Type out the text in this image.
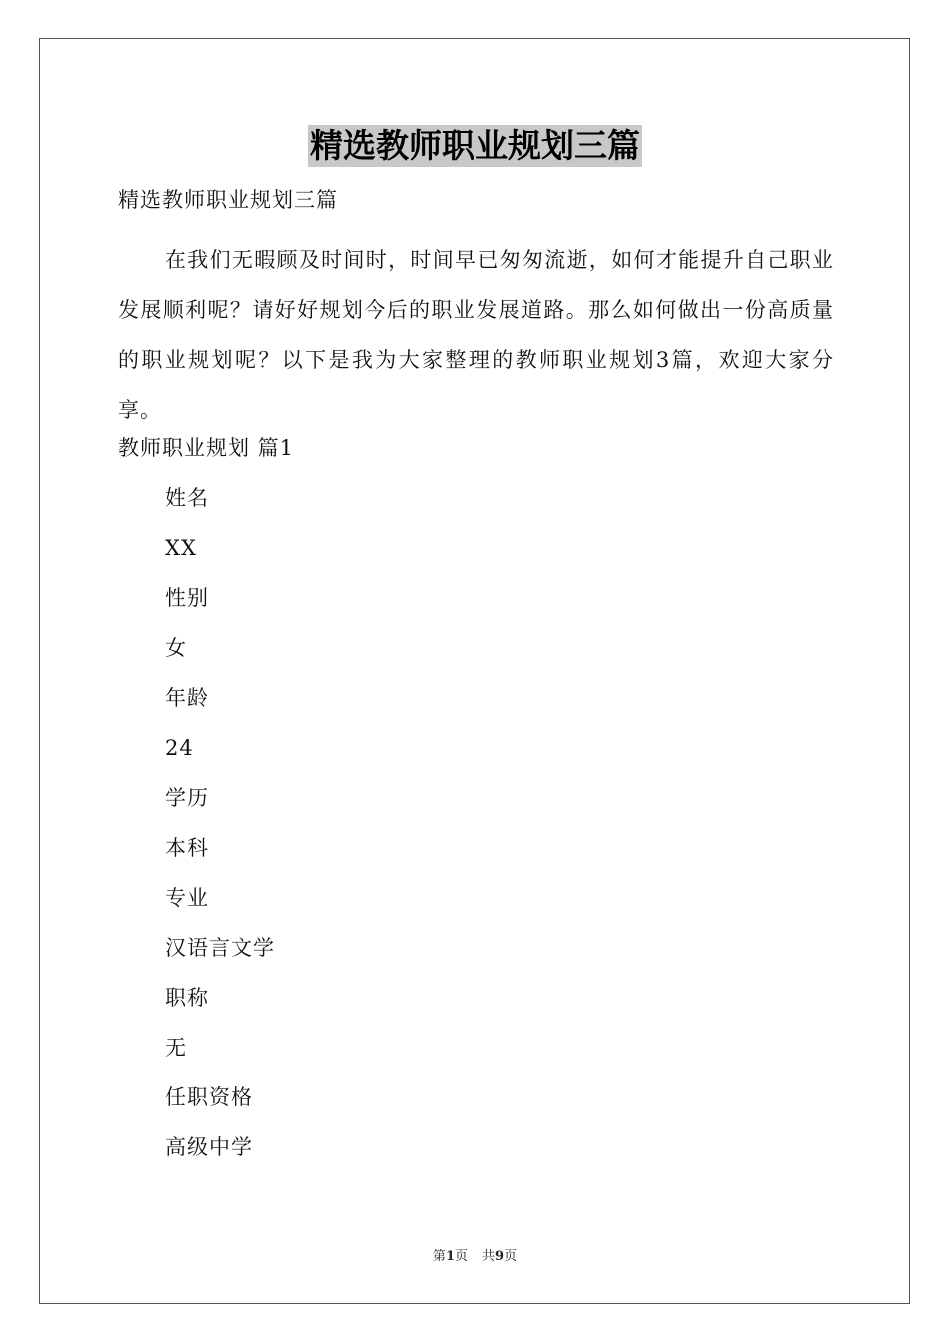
精选教师职业规划三篇
精选教师职业规划三篇

在我们无暇顾及时间时，时间早已匆匆流逝，如何才能提升自己职业发展顺利呢？请好好规划今后的职业发展道路。那么如何做出一份高质量的职业规划呢？以下是我为大家整理的教师职业规划3篇，欢迎大家分享。

教师职业规划 篇1
姓名
XX
性别
女
年龄
24
学历
本科
专业
汉语言文学
职称
无
任职资格
高级中学
第1页 共9页
